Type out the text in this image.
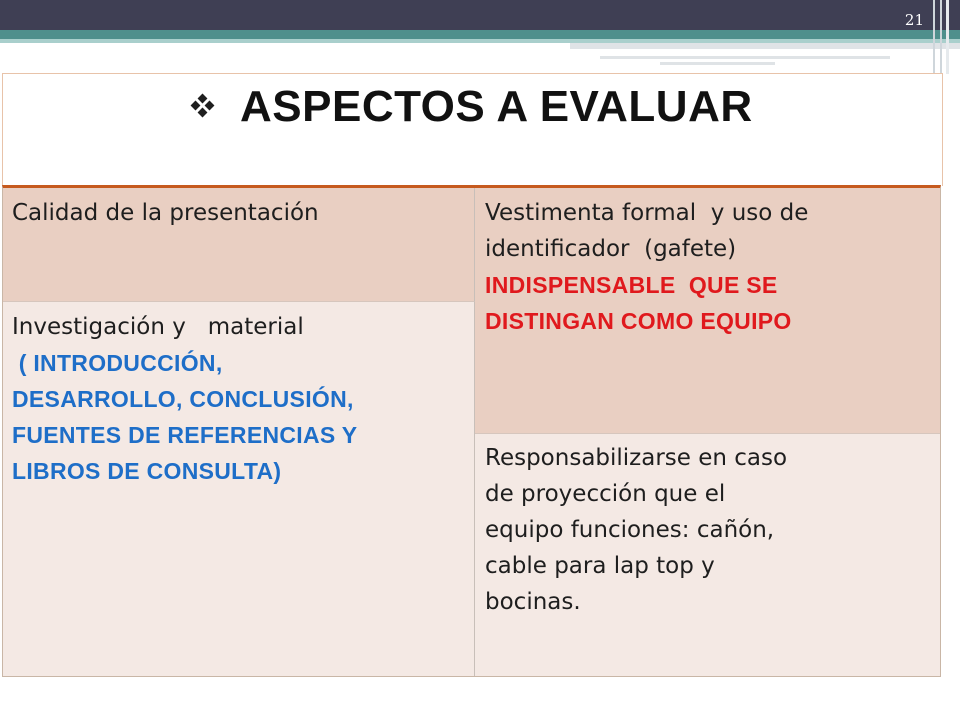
21
ASPECTOS A EVALUAR

Calidad de la presentación	Vestimenta formal  y uso de
identificador  (gafete)
INDISPENSABLE  QUE SE
DISTINGAN COMO EQUIPO

Investigación y   material
( INTRODUCCIÓN,
DESARROLLO, CONCLUSIÓN,
FUENTES DE REFERENCIAS Y
LIBROS DE CONSULTA)	Responsabilizarse en caso
de proyección que el
equipo funciones: cañón,
cable para lap top y
bocinas.
